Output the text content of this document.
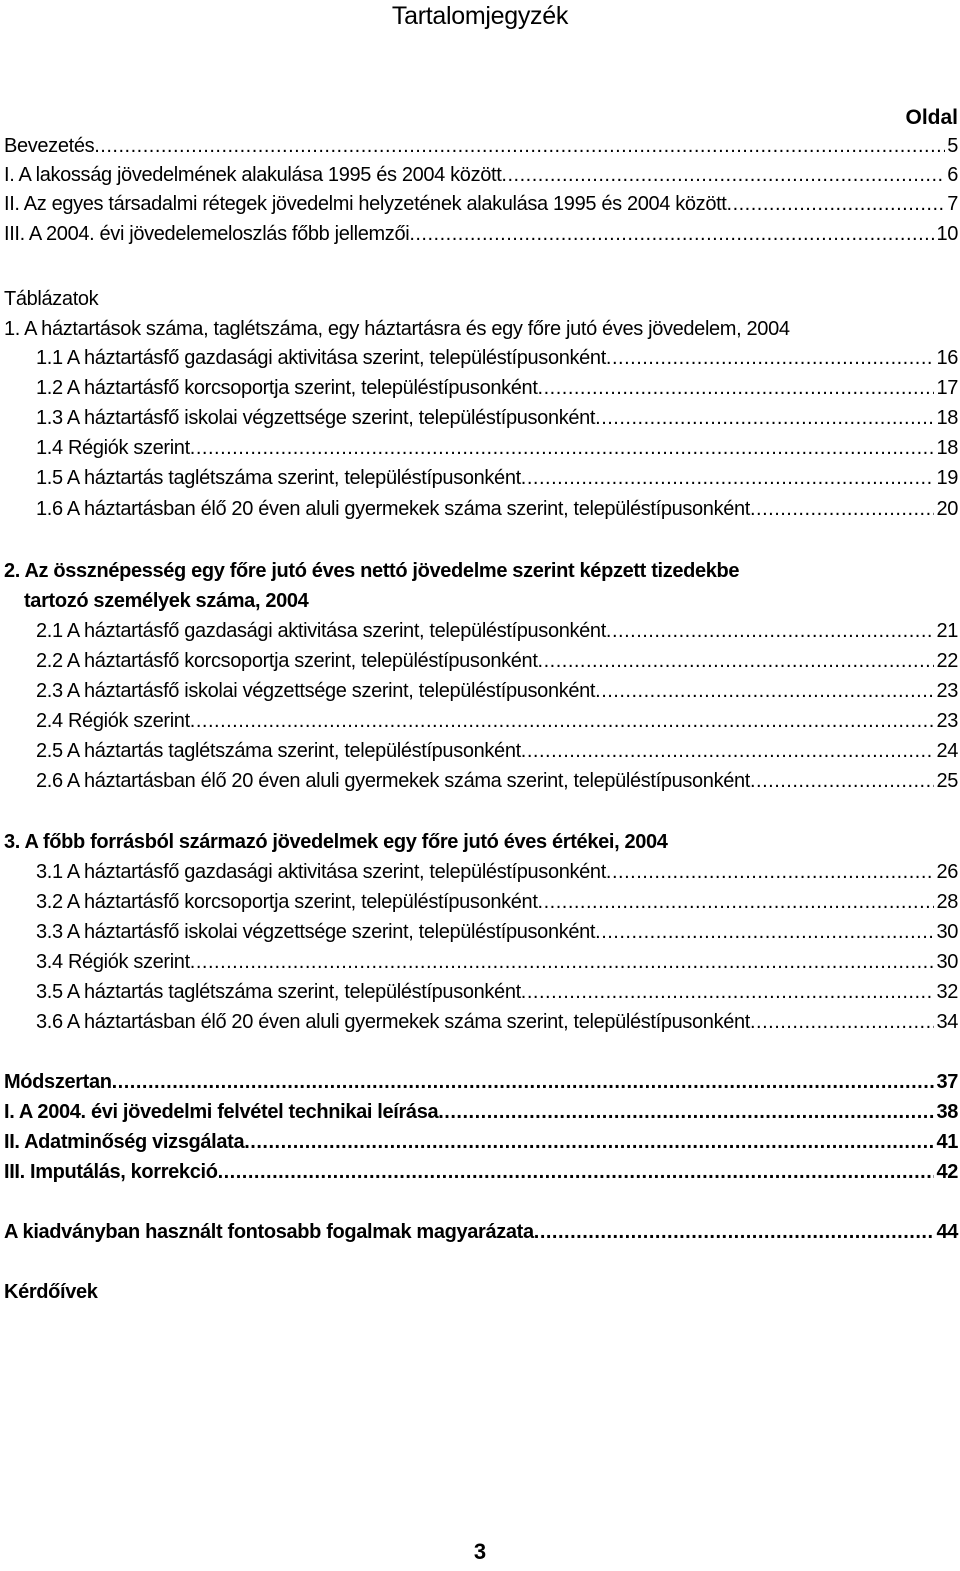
Tartalomjegyzék
Oldal
Bevezetés .....	5
I. A lakosság jövedelmének alakulása 1995 és 2004 között .....	6
II. Az egyes társadalmi rétegek jövedelmi helyzetének alakulása 1995 és 2004 között .....	7
III. A 2004. évi jövedelemeloszlás főbb jellemzői .....	10
Táblázatok
1. A háztartások száma, taglétszáma, egy háztartásra és egy főre jutó éves jövedelem, 2004
1.1 A háztartásfő gazdasági aktivitása szerint, településtípusonként .....	16
1.2 A háztartásfő korcsoportja szerint, településtípusonként .....	17
1.3 A háztartásfő iskolai végzettsége szerint, településtípusonként .....	18
1.4 Régiók szerint .....	18
1.5 A háztartás taglétszáma szerint, településtípusonként .....	19
1.6 A háztartásban élő 20 éven aluli gyermekek száma szerint, településtípusonként .....	20
2. Az össznépesség egy főre jutó éves nettó jövedelme szerint képzett tizedekbe
tartozó személyek száma, 2004
2.1 A háztartásfő gazdasági aktivitása szerint, településtípusonként .....	21
2.2 A háztartásfő korcsoportja szerint, településtípusonként .....	22
2.3 A háztartásfő iskolai végzettsége szerint, településtípusonként .....	23
2.4 Régiók szerint .....	23
2.5 A háztartás taglétszáma szerint, településtípusonként .....	24
2.6 A háztartásban élő 20 éven aluli gyermekek száma szerint, településtípusonként .....	25
3. A főbb forrásból származó jövedelmek egy főre jutó éves értékei, 2004
3.1 A háztartásfő gazdasági aktivitása szerint, településtípusonként .....	26
3.2 A háztartásfő korcsoportja szerint, településtípusonként .....	28
3.3 A háztartásfő iskolai végzettsége szerint, településtípusonként .....	30
3.4 Régiók szerint .....	30
3.5 A háztartás taglétszáma szerint, településtípusonként .....	32
3.6 A háztartásban élő 20 éven aluli gyermekek száma szerint, településtípusonként .....	34
Módszertan .....	37
I. A 2004. évi jövedelmi felvétel technikai leírása .....	38
II. Adatminőség vizsgálata .....	41
III. Imputálás, korrekció .....	42
A kiadványban használt fontosabb fogalmak magyarázata .....	44
Kérdőívek
3
